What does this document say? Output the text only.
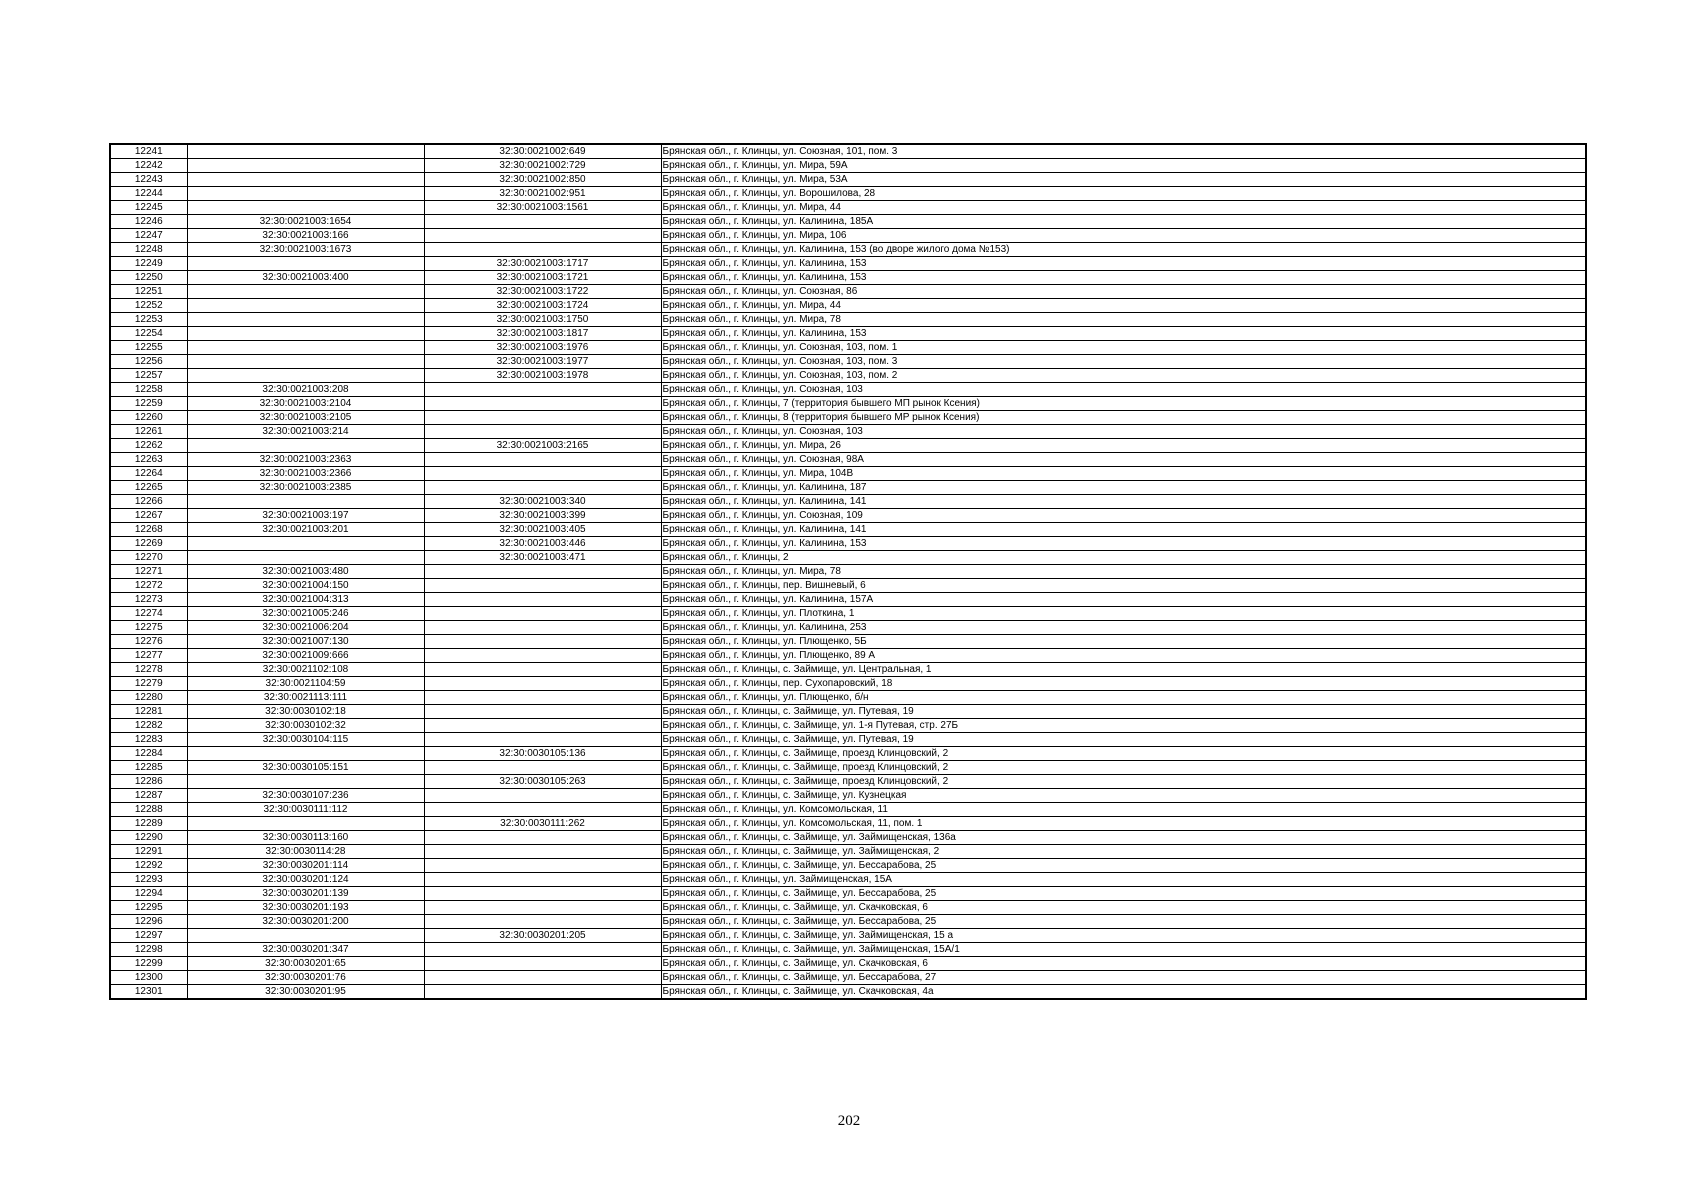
12241		32:30:0021002:649	Брянская обл., г. Клинцы, ул. Союзная, 101, пом. 3
12242		32:30:0021002:729	Брянская обл., г. Клинцы, ул. Мира, 59А
12243		32:30:0021002:850	Брянская обл., г. Клинцы, ул. Мира, 53А
12244		32:30:0021002:951	Брянская обл., г. Клинцы, ул. Ворошилова, 28
12245		32:30:0021003:1561	Брянская обл., г. Клинцы, ул. Мира, 44
12246	32:30:0021003:1654		Брянская обл., г. Клинцы, ул. Калинина, 185А
12247	32:30:0021003:166		Брянская обл., г. Клинцы, ул. Мира, 106
12248	32:30:0021003:1673		Брянская обл., г. Клинцы, ул. Калинина, 153 (во дворе жилого дома №153)
12249		32:30:0021003:1717	Брянская обл., г. Клинцы, ул. Калинина, 153
12250	32:30:0021003:400	32:30:0021003:1721	Брянская обл., г. Клинцы, ул. Калинина, 153
12251		32:30:0021003:1722	Брянская обл., г. Клинцы, ул. Союзная, 86
12252		32:30:0021003:1724	Брянская обл., г. Клинцы, ул. Мира, 44
12253		32:30:0021003:1750	Брянская обл., г. Клинцы, ул. Мира, 78
12254		32:30:0021003:1817	Брянская обл., г. Клинцы, ул. Калинина, 153
12255		32:30:0021003:1976	Брянская обл., г. Клинцы, ул. Союзная, 103, пом. 1
12256		32:30:0021003:1977	Брянская обл., г. Клинцы, ул. Союзная, 103, пом. 3
12257		32:30:0021003:1978	Брянская обл., г. Клинцы, ул. Союзная, 103, пом. 2
12258	32:30:0021003:208		Брянская обл., г. Клинцы, ул. Союзная, 103
12259	32:30:0021003:2104		Брянская обл., г. Клинцы, 7 (территория бывшего МП рынок Ксения)
12260	32:30:0021003:2105		Брянская обл., г. Клинцы, 8 (территория бывшего МР рынок Ксения)
12261	32:30:0021003:214		Брянская обл., г. Клинцы, ул. Союзная, 103
12262		32:30:0021003:2165	Брянская обл., г. Клинцы, ул. Мира, 26
12263	32:30:0021003:2363		Брянская обл., г. Клинцы, ул. Союзная, 98А
12264	32:30:0021003:2366		Брянская обл., г. Клинцы, ул. Мира, 104В
12265	32:30:0021003:2385		Брянская обл., г. Клинцы, ул. Калинина, 187
12266		32:30:0021003:340	Брянская обл., г. Клинцы, ул. Калинина, 141
12267	32:30:0021003:197	32:30:0021003:399	Брянская обл., г. Клинцы, ул. Союзная, 109
12268	32:30:0021003:201	32:30:0021003:405	Брянская обл., г. Клинцы, ул. Калинина, 141
12269		32:30:0021003:446	Брянская обл., г. Клинцы, ул. Калинина, 153
12270		32:30:0021003:471	Брянская обл., г. Клинцы, 2
12271	32:30:0021003:480		Брянская обл., г. Клинцы, ул. Мира, 78
12272	32:30:0021004:150		Брянская обл., г. Клинцы, пер. Вишневый, 6
12273	32:30:0021004:313		Брянская обл., г. Клинцы, ул. Калинина, 157А
12274	32:30:0021005:246		Брянская обл., г. Клинцы, ул. Плоткина, 1
12275	32:30:0021006:204		Брянская обл., г. Клинцы, ул. Калинина, 253
12276	32:30:0021007:130		Брянская обл., г. Клинцы, ул. Плющенко, 5Б
12277	32:30:0021009:666		Брянская обл., г. Клинцы, ул. Плющенко, 89 А
12278	32:30:0021102:108		Брянская обл., г. Клинцы, с. Займище, ул. Центральная, 1
12279	32:30:0021104:59		Брянская обл., г. Клинцы, пер. Сухопаровский, 18
12280	32:30:0021113:111		Брянская обл., г. Клинцы, ул. Плющенко, б/н
12281	32:30:0030102:18		Брянская обл., г. Клинцы, с. Займище, ул. Путевая, 19
12282	32:30:0030102:32		Брянская обл., г. Клинцы, с. Займище, ул. 1-я Путевая, стр. 27Б
12283	32:30:0030104:115		Брянская обл., г. Клинцы, с. Займище, ул. Путевая, 19
12284		32:30:0030105:136	Брянская обл., г. Клинцы, с. Займище, проезд Клинцовский, 2
12285	32:30:0030105:151		Брянская обл., г. Клинцы, с. Займище, проезд Клинцовский, 2
12286		32:30:0030105:263	Брянская обл., г. Клинцы, с. Займище, проезд Клинцовский, 2
12287	32:30:0030107:236		Брянская обл., г. Клинцы, с. Займище, ул. Кузнецкая
12288	32:30:0030111:112		Брянская обл., г. Клинцы, ул. Комсомольская, 11
12289		32:30:0030111:262	Брянская обл., г. Клинцы, ул. Комсомольская, 11, пом. 1
12290	32:30:0030113:160		Брянская обл., г. Клинцы, с. Займище, ул. Займищенская, 136а
12291	32:30:0030114:28		Брянская обл., г. Клинцы, с. Займище, ул. Займищенская, 2
12292	32:30:0030201:114		Брянская обл., г. Клинцы, с. Займище, ул. Бессарабова, 25
12293	32:30:0030201:124		Брянская обл., г. Клинцы, ул. Займищенская, 15А
12294	32:30:0030201:139		Брянская обл., г. Клинцы, с. Займище, ул. Бессарабова, 25
12295	32:30:0030201:193		Брянская обл., г. Клинцы, с. Займище, ул. Скачковская, 6
12296	32:30:0030201:200		Брянская обл., г. Клинцы, с. Займище, ул. Бессарабова, 25
12297		32:30:0030201:205	Брянская обл., г. Клинцы, с. Займище, ул. Займищенская, 15 а
12298	32:30:0030201:347		Брянская обл., г. Клинцы, с. Займище, ул. Займищенская, 15А/1
12299	32:30:0030201:65		Брянская обл., г. Клинцы, с. Займище, ул. Скачковская, 6
12300	32:30:0030201:76		Брянская обл., г. Клинцы, с. Займище, ул. Бессарабова, 27
12301	32:30:0030201:95		Брянская обл., г. Клинцы, с. Займище, ул. Скачковская, 4а
202
